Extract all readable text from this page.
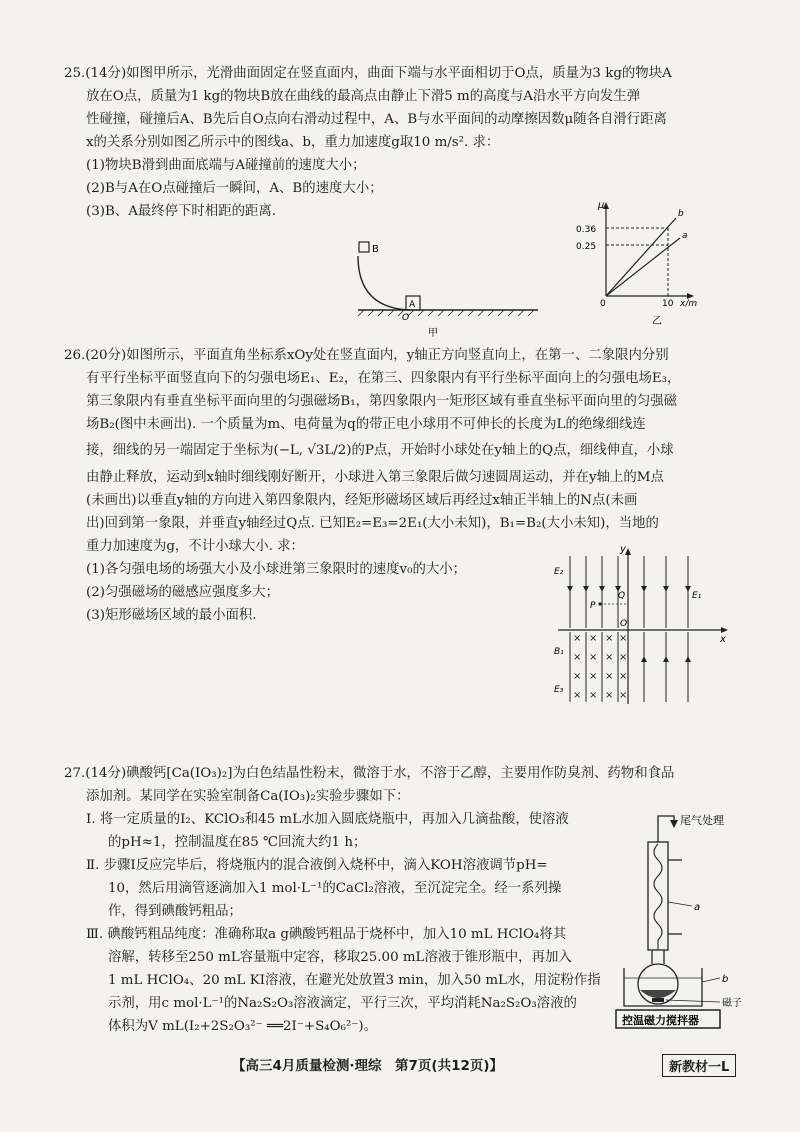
25.(14分)如图甲所示，光滑曲面固定在竖直面内，曲面下端与水平面相切于O点，质量为3 kg的物块A
放在O点，质量为1 kg的物块B放在曲线的最高点由静止下滑5 m的高度与A沿水平方向发生弹
性碰撞，碰撞后A、B先后自O点向右滑动过程中，A、B与水平面间的动摩擦因数μ随各自滑行距离
x的关系分别如图乙所示中的图线a、b，重力加速度g取10 m/s². 求：
(1)物块B滑到曲面底端与A碰撞前的速度大小；
(2)B与A在O点碰撞后一瞬间，A、B的速度大小；
(3)B、A最终停下时相距的距离.
B
A
O
甲
μ
0.36
0.25
0	10 x/m
b
a
乙
26.(20分)如图所示，平面直角坐标系xOy处在竖直面内，y轴正方向竖直向上，在第一、二象限内分别
有平行坐标平面竖直向下的匀强电场E₁、E₂，在第三、四象限内有平行坐标平面向上的匀强电场E₃，
第三象限内有垂直坐标平面向里的匀强磁场B₁，第四象限内一矩形区域有垂直坐标平面向里的匀强磁
场B₂(图中未画出). 一个质量为m、电荷量为q的带正电小球用不可伸长的长度为L的绝缘细线连
接，细线的另一端固定于坐标为(−L, √3L/2)的P点，开始时小球处在y轴上的Q点，细线伸直，小球
由静止释放，运动到x轴时细线刚好断开，小球进入第三象限后做匀速圆周运动，并在y轴上的M点
(未画出)以垂直y轴的方向进入第四象限内，经矩形磁场区域后再经过x轴正半轴上的N点(未画
出)回到第一象限，并垂直y轴经过Q点. 已知E₂=E₃=2E₁(大小未知)，B₁=B₂(大小未知)，当地的
重力加速度为g，不计小球大小. 求：
(1)各匀强电场的场强大小及小球进第三象限时的速度v₀的大小；
(2)匀强磁场的磁感应强度多大；
(3)矩形磁场区域的最小面积.
x
y
E₂
E₁
P
Q
O
× × × ×
× × × ×
× × × ×
× × × ×
B₁
E₃
27.(14分)碘酸钙[Ca(IO₃)₂]为白色结晶性粉末，微溶于水，不溶于乙醇，主要用作防臭剂、药物和食品
添加剂。某同学在实验室制备Ca(IO₃)₂实验步骤如下：
Ⅰ. 将一定质量的I₂、KClO₃和45 mL水加入圆底烧瓶中，再加入几滴盐酸，使溶液
的pH≈1，控制温度在85 ℃回流大约1 h；
Ⅱ. 步骤Ⅰ反应完毕后，将烧瓶内的混合液倒入烧杯中，滴入KOH溶液调节pH=
10，然后用滴管逐滴加入1 mol·L⁻¹的CaCl₂溶液，至沉淀完全。经一系列操
作，得到碘酸钙粗品；
Ⅲ. 碘酸钙粗品纯度：准确称取a g碘酸钙粗品于烧杯中，加入10 mL HClO₄将其
溶解，转移至250 mL容量瓶中定容，移取25.00 mL溶液于锥形瓶中，再加入
1 mL HClO₄、20 mL KI溶液，在避光处放置3 min，加入50 mL水，用淀粉作指
示剂，用c mol·L⁻¹的Na₂S₂O₃溶液滴定，平行三次，平均消耗Na₂S₂O₃溶液的
体积为V mL(I₂+2S₂O₃²⁻ ══2I⁻+S₄O₆²⁻)。
尾气处理
a
b
磁子
控温磁力搅拌器
【高三4月质量检测·理综　第7页(共12页)】	新教材一L
